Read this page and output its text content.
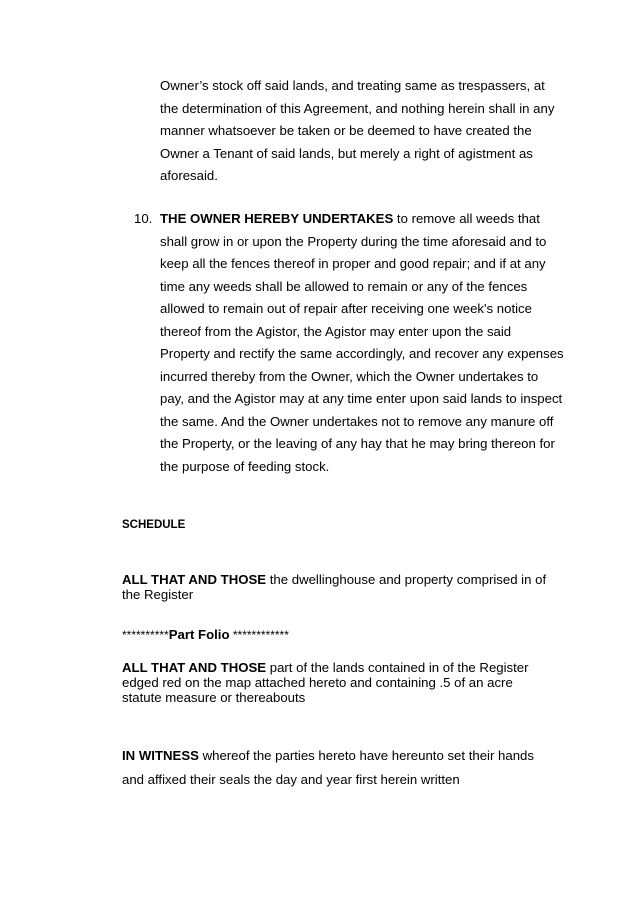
Owner’s stock off said lands, and treating same as trespassers, at the determination of this Agreement, and nothing herein shall in any manner whatsoever be taken or be deemed to have created the Owner a Tenant of said lands, but merely a right of agistment as aforesaid.

10. THE OWNER HEREBY UNDERTAKES to remove all weeds that shall grow in or upon the Property during the time aforesaid and to keep all the fences thereof in proper and good repair; and if at any time any weeds shall be allowed to remain or any of the fences allowed to remain out of repair after receiving one week's notice thereof from the Agistor, the Agistor may enter upon the said Property and rectify the same accordingly, and recover any expenses incurred thereby from the Owner, which the Owner undertakes to pay, and the Agistor may at any time enter upon said lands to inspect the same. And the Owner undertakes not to remove any manure off the Property, or the leaving of any hay that he may bring thereon for the purpose of feeding stock.

SCHEDULE

ALL THAT AND THOSE the dwellinghouse and property comprised in of the Register

**********Part Folio ************

ALL THAT AND THOSE part of the lands contained in of the Register edged red on the map attached hereto and containing .5 of an acre statute measure or thereabouts

IN WITNESS whereof the parties hereto have hereunto set their hands and affixed their seals the day and year first herein written
